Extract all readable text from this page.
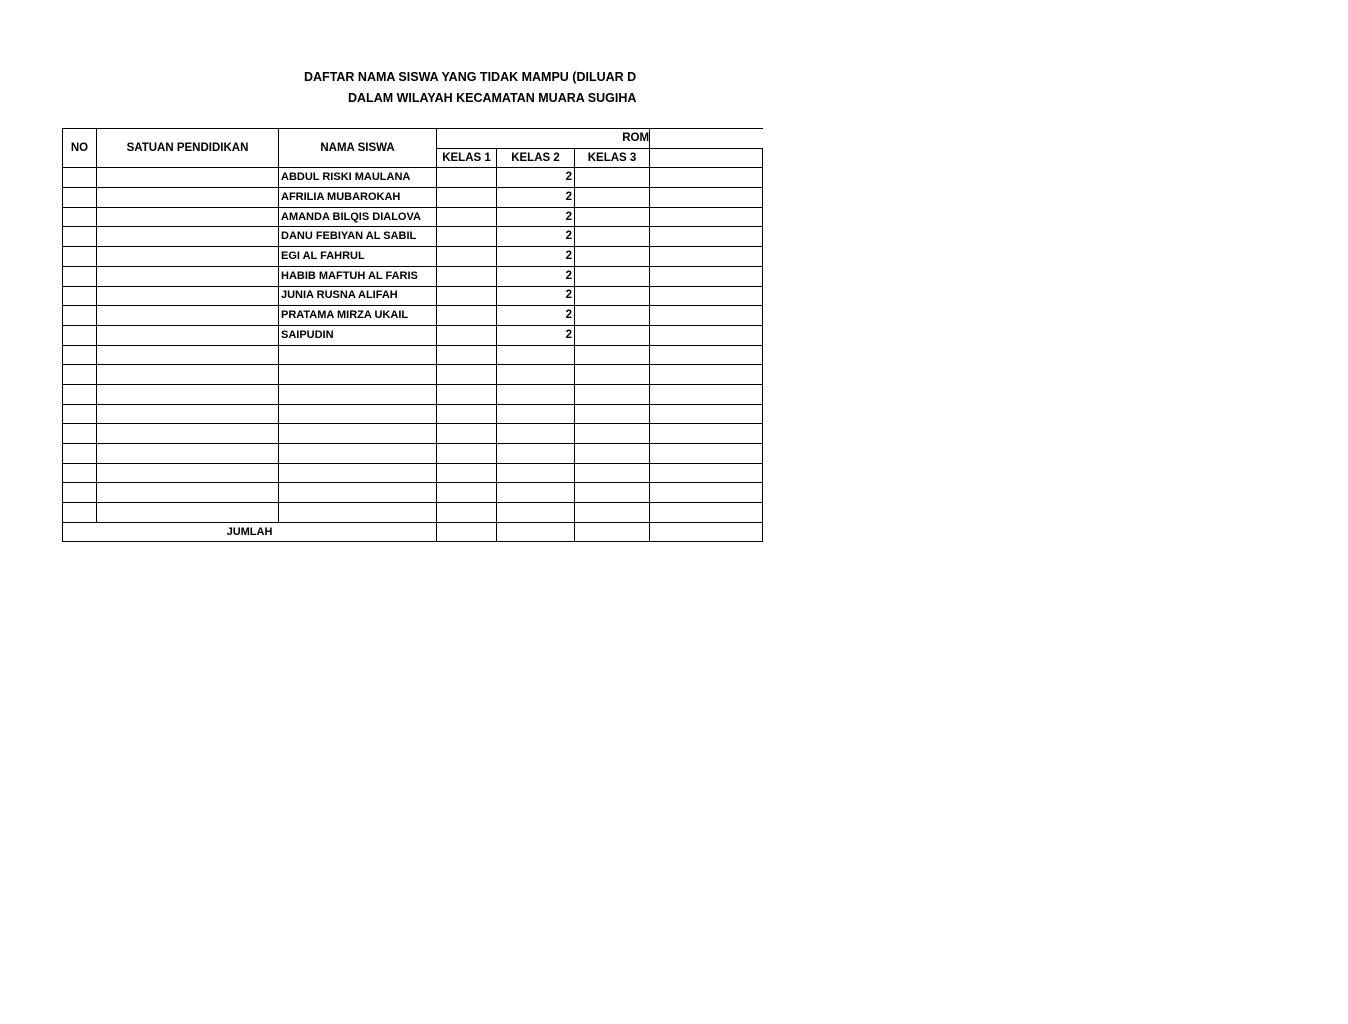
DAFTAR NAMA SISWA YANG TIDAK MAMPU (DILUAR D
DALAM WILAYAH KECAMATAN MUARA SUGIHA
NO	SATUAN PENDIDIKAN	NAMA SISWA	ROM			
			KELAS 1	KELAS 2	KELAS 3	
		ABDUL RISKI MAULANA		2		
		AFRILIA MUBAROKAH		2		
		AMANDA BILQIS DIALOVA		2		
		DANU FEBIYAN AL SABIL		2		
		EGI AL FAHRUL		2		
		HABIB MAFTUH AL FARIS		2		
		JUNIA RUSNA ALIFAH		2		
		PRATAMA MIRZA UKAIL		2		
		SAIPUDIN		2		

JUMLAH						
